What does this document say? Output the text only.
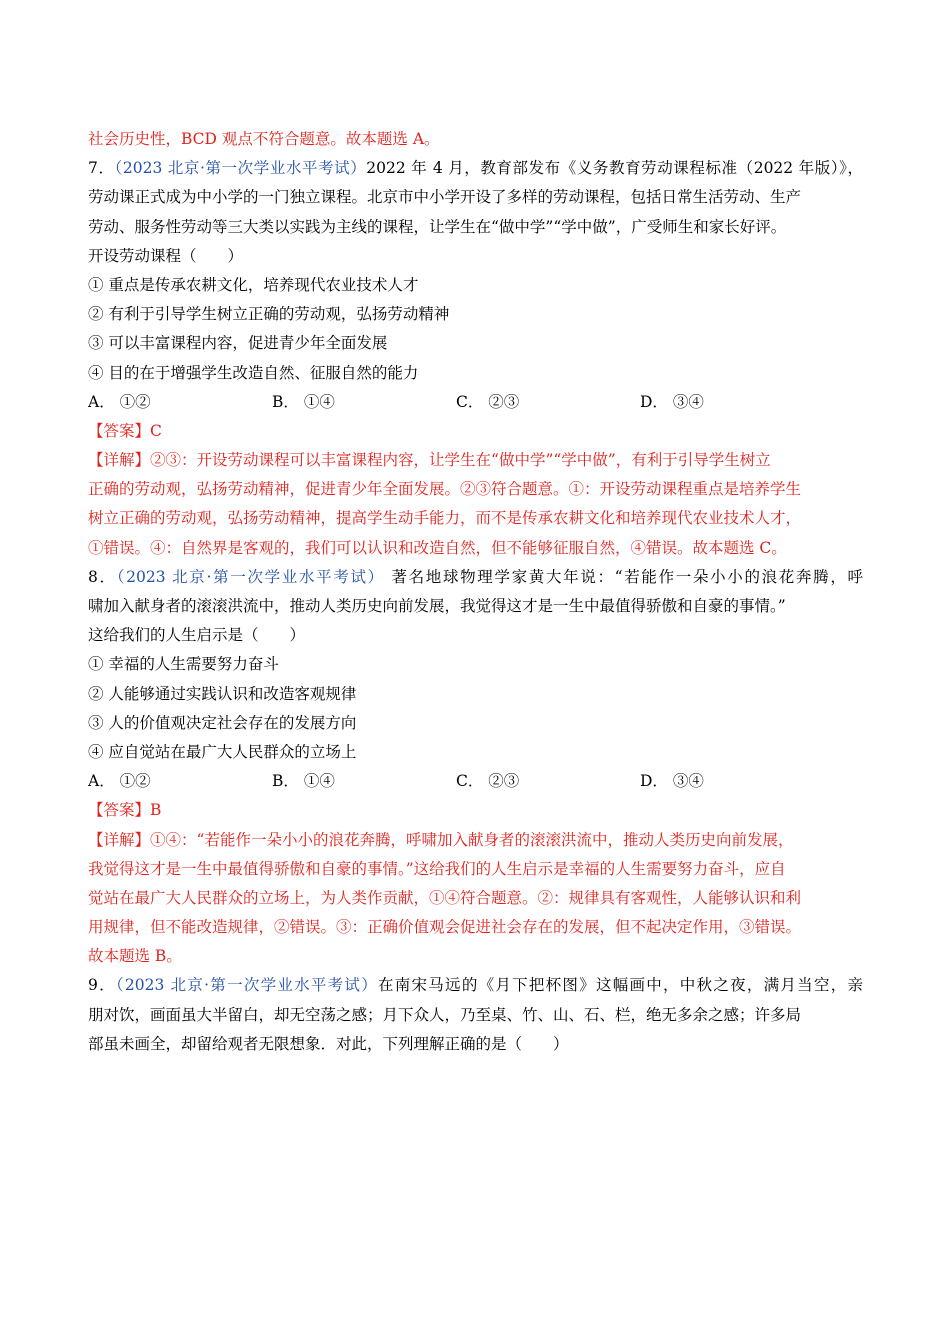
社会历史性，BCD 观点不符合题意。故本题选 A。
7．（2023 北京·第一次学业水平考试）2022 年 4 月，教育部发布《义务教育劳动课程标准（2022 年版）》，
劳动课正式成为中小学的一门独立课程。北京市中小学开设了多样的劳动课程，包括日常生活劳动、生产
劳动、服务性劳动等三大类以实践为主线的课程，让学生在“做中学”“学中做”，广受师生和家长好评。
开设劳动课程（　　）
① 重点是传承农耕文化，培养现代农业技术人才
② 有利于引导学生树立正确的劳动观，弘扬劳动精神
③ 可以丰富课程内容，促进青少年全面发展
④ 目的在于增强学生改造自然、征服自然的能力
A． ①②	B． ①④	C． ②③	D． ③④
【答案】C
【详解】②③：开设劳动课程可以丰富课程内容，让学生在“做中学”“学中做”，有利于引导学生树立
正确的劳动观，弘扬劳动精神，促进青少年全面发展。②③符合题意。①：开设劳动课程重点是培养学生
树立正确的劳动观，弘扬劳动精神，提高学生动手能力，而不是传承农耕文化和培养现代农业技术人才，
①错误。④：自然界是客观的，我们可以认识和改造自然，但不能够征服自然，④错误。故本题选 C。
8．（2023 北京·第一次学业水平考试） 著名地球物理学家黄大年说：“若能作一朵小小的浪花奔腾，呼
啸加入献身者的滚滚洪流中，推动人类历史向前发展，我觉得这才是一生中最值得骄傲和自豪的事情。”
这给我们的人生启示是（　　）
① 幸福的人生需要努力奋斗
② 人能够通过实践认识和改造客观规律
③ 人的价值观决定社会存在的发展方向
④ 应自觉站在最广大人民群众的立场上
A． ①②	B． ①④	C． ②③	D． ③④
【答案】B
【详解】①④：“若能作一朵小小的浪花奔腾，呼啸加入献身者的滚滚洪流中，推动人类历史向前发展，
我觉得这才是一生中最值得骄傲和自豪的事情。”这给我们的人生启示是幸福的人生需要努力奋斗，应自
觉站在最广大人民群众的立场上，为人类作贡献，①④符合题意。②：规律具有客观性，人能够认识和利
用规律，但不能改造规律，②错误。③：正确价值观会促进社会存在的发展，但不起决定作用，③错误。
故本题选 B。
9．（2023 北京·第一次学业水平考试）在南宋马远的《月下把杯图》这幅画中，中秋之夜，满月当空，亲
朋对饮，画面虽大半留白，却无空荡之感；月下众人，乃至桌、竹、山、石、栏，绝无多余之感；许多局
部虽未画全，却留给观者无限想象．对此，下列理解正确的是（　　）
